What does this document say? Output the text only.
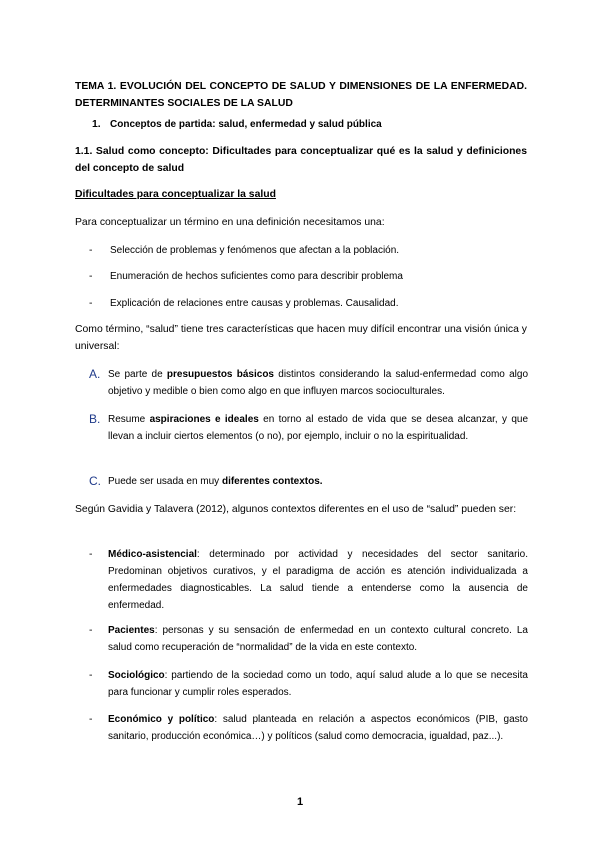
TEMA 1. EVOLUCIÓN DEL CONCEPTO DE SALUD Y DIMENSIONES DE LA ENFERMEDAD. DETERMINANTES SOCIALES DE LA SALUD
1. Conceptos de partida: salud, enfermedad y salud pública
1.1. Salud como concepto: Dificultades para conceptualizar qué es la salud y definiciones del concepto de salud
Dificultades para conceptualizar la salud
Para conceptualizar un término en una definición necesitamos una:
- Selección de problemas y fenómenos que afectan a la población.
- Enumeración de hechos suficientes como para describir problema
- Explicación de relaciones entre causas y problemas. Causalidad.
Como término, “salud” tiene tres características que hacen muy difícil encontrar una visión única y universal:
A. Se parte de presupuestos básicos distintos considerando la salud-enfermedad como algo objetivo y medible o bien como algo en que influyen marcos socioculturales.
B. Resume aspiraciones e ideales en torno al estado de vida que se desea alcanzar, y que llevan a incluir ciertos elementos (o no), por ejemplo, incluir o no la espiritualidad.
C. Puede ser usada en muy diferentes contextos.
Según Gavidia y Talavera (2012), algunos contextos diferentes en el uso de “salud” pueden ser:
- Médico-asistencial: determinado por actividad y necesidades del sector sanitario. Predominan objetivos curativos, y el paradigma de acción es atención individualizada a enfermedades diagnosticables. La salud tiende a entenderse como la ausencia de enfermedad.
- Pacientes: personas y su sensación de enfermedad en un contexto cultural concreto. La salud como recuperación de “normalidad” de la vida en este contexto.
- Sociológico: partiendo de la sociedad como un todo, aquí salud alude a lo que se necesita para funcionar y cumplir roles esperados.
- Económico y político: salud planteada en relación a aspectos económicos (PIB, gasto sanitario, producción económica…) y políticos (salud como democracia, igualdad, paz...).
1
